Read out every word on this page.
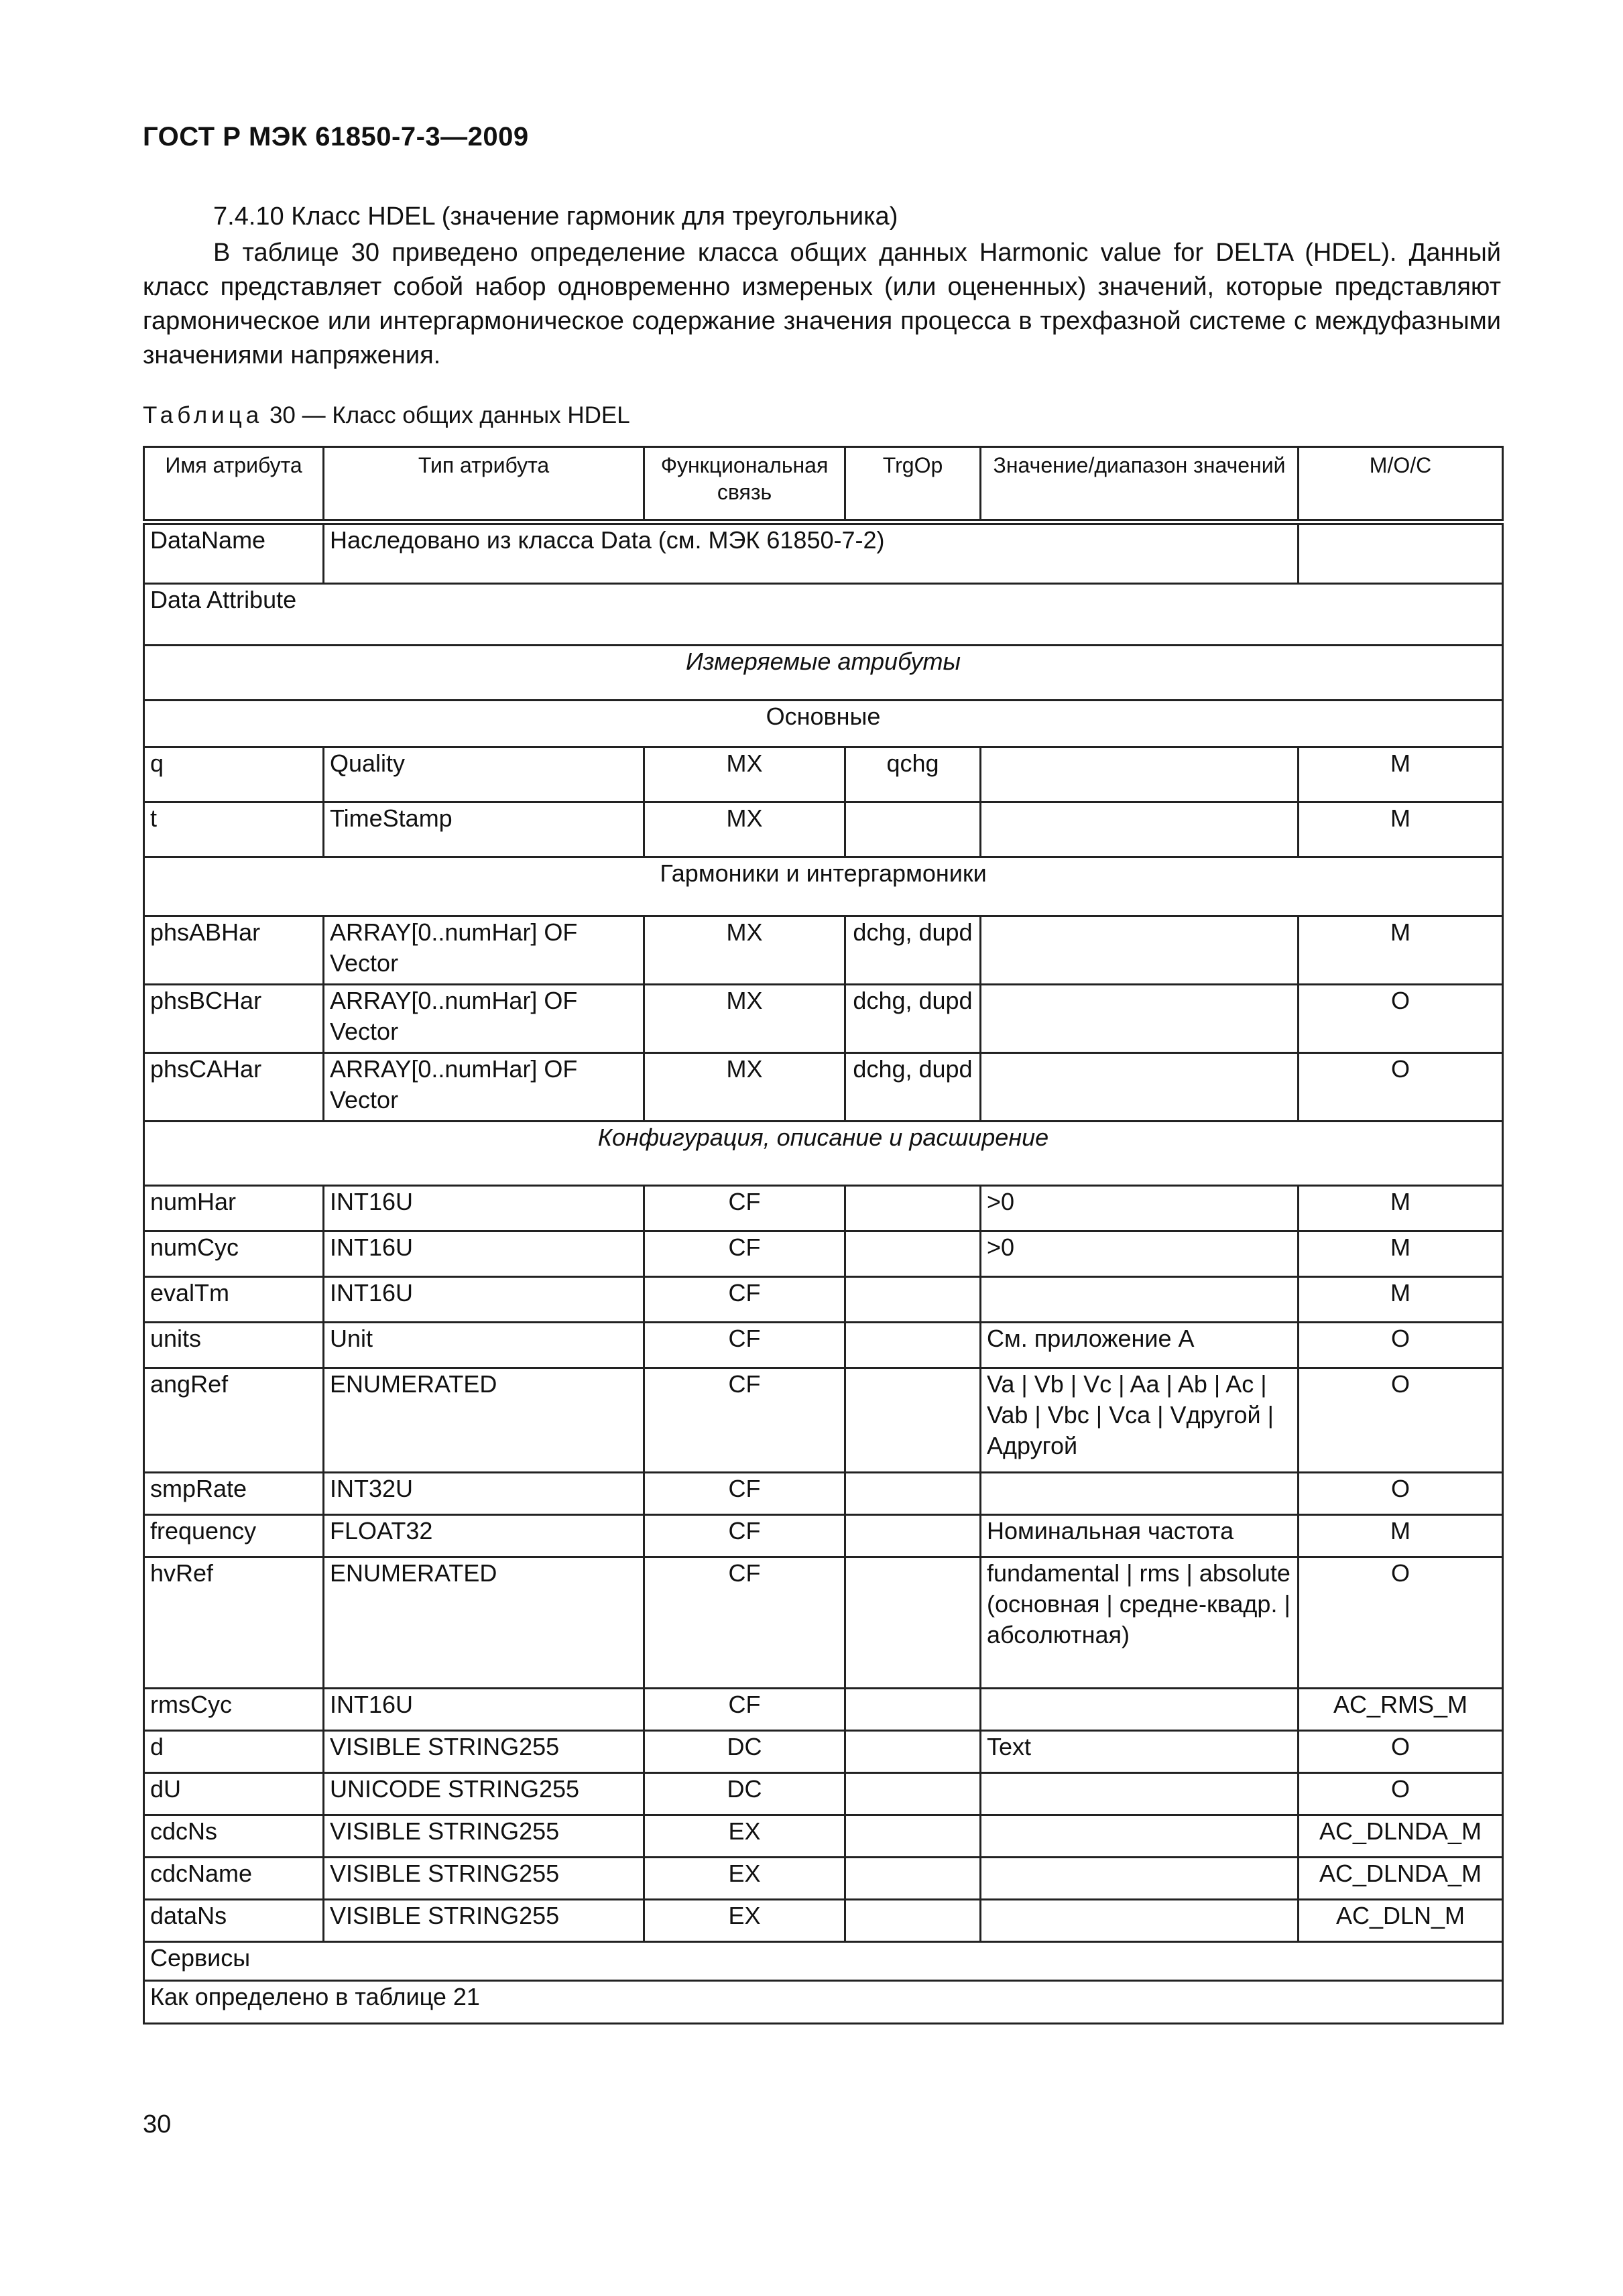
ГОСТ Р МЭК 61850-7-3—2009
7.4.10 Класс HDEL (значение гармоник для треугольника)
В таблице 30 приведено определение класса общих данных Harmonic value for DELTA (HDEL). Данный класс представляет собой набор одновременно измереных (или оцененных) значений, которые представляют гармоническое или интергармоническое содержание значения процесса в трехфазной системе с междуфазными значениями напряжения.
Таблица 30 — Класс общих данных HDEL
Имя атрибута	Тип атрибута	Функциональная связь	TrgOp	Значение/диапазон значений	M/O/C
DataName	Наследовано из класса Data (см. МЭК 61850-7-2)				
Data Attribute					
Измеряемые атрибуты					
Основные					
q	Quality	MX	qchg		M
t	TimeStamp	MX			M
Гармоники и интергармоники					
phsABHar	ARRAY[0..numHar] OF Vector	MX	dchg, dupd		M
phsBCHar	ARRAY[0..numHar] OF Vector	MX	dchg, dupd		O
phsCAHar	ARRAY[0..numHar] OF Vector	MX	dchg, dupd		O
Конфигурация, описание и расширение					
numHar	INT16U	CF		>0	M
numCyc	INT16U	CF		>0	M
evalTm	INT16U	CF			M
units	Unit	CF		См. приложение А	O
angRef	ENUMERATED	CF		Va | Vb | Vc | Aa | Ab | Ac | Vab | Vbc | Vca | Vдругой | Aдругой	O
smpRate	INT32U	CF			O
frequency	FLOAT32	CF		Номинальная частота	M
hvRef	ENUMERATED	CF		fundamental | rms | absolute (основная | средне-квадр. | абсолютная)	O
rmsCyc	INT16U	CF			AC_RMS_M
d	VISIBLE STRING255	DC		Text	O
dU	UNICODE STRING255	DC			O
cdcNs	VISIBLE STRING255	EX			AC_DLNDA_M
cdcName	VISIBLE STRING255	EX			AC_DLNDA_M
dataNs	VISIBLE STRING255	EX			AC_DLN_M
Сервисы					
Как определено в таблице 21					
30
